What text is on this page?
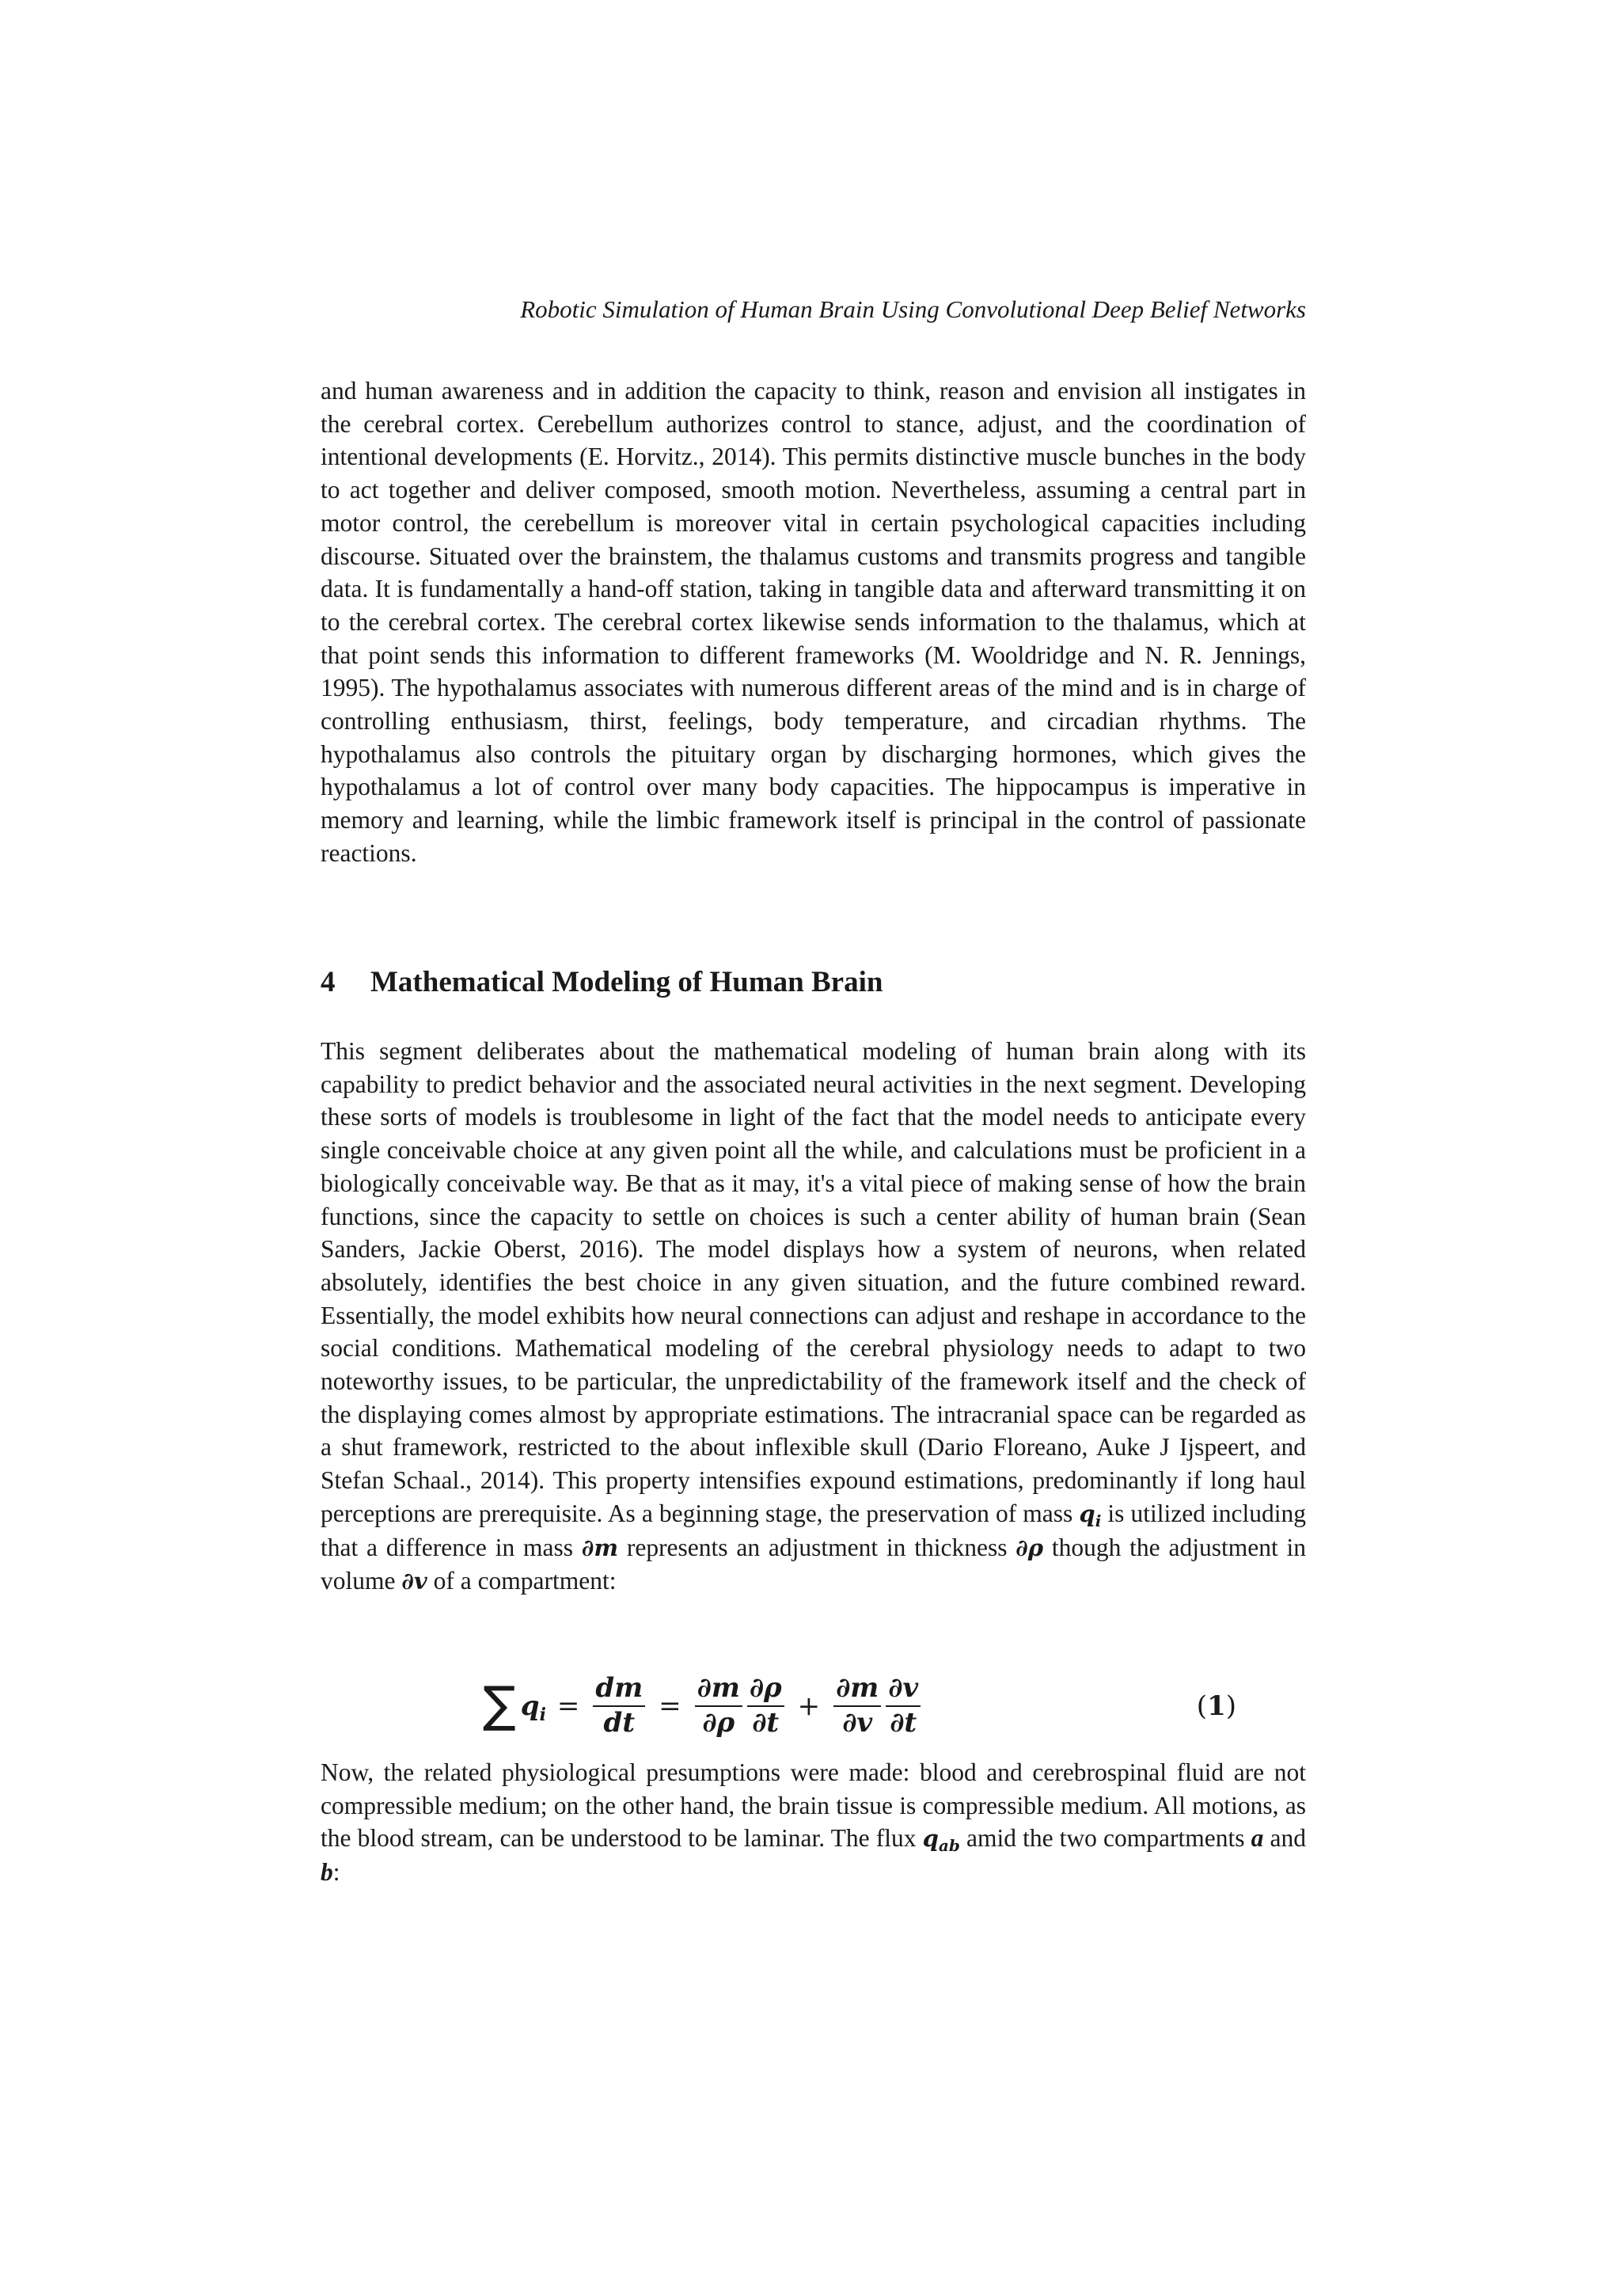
Robotic Simulation of Human Brain Using Convolutional Deep Belief Networks

and human awareness and in addition the capacity to think, reason and envision all instigates in the cerebral cortex. Cerebellum authorizes control to stance, adjust, and the coordination of intentional developments (E. Horvitz., 2014). This permits distinctive muscle bunches in the body to act together and deliver composed, smooth motion. Nevertheless, assuming a central part in motor control, the cerebellum is moreover vital in certain psychological capacities including discourse. Situated over the brainstem, the thalamus customs and transmits progress and tangible data. It is fundamentally a hand-off station, taking in tangible data and afterward transmitting it on to the cerebral cortex. The cerebral cortex likewise sends information to the thalamus, which at that point sends this information to different frameworks (M. Wooldridge and N. R. Jennings, 1995). The hypothalamus associates with numerous different areas of the mind and is in charge of controlling enthusiasm, thirst, feelings, body temperature, and circadian rhythms. The hypothalamus also controls the pituitary organ by discharging hormones, which gives the hypothalamus a lot of control over many body capacities. The hippocampus is imperative in memory and learning, while the limbic framework itself is principal in the control of passionate reactions.

4 Mathematical Modeling of Human Brain

This segment deliberates about the mathematical modeling of human brain along with its capability to predict behavior and the associated neural activities in the next segment. Developing these sorts of models is troublesome in light of the fact that the model needs to anticipate every single conceivable choice at any given point all the while, and calculations must be proficient in a biologically conceivable way. Be that as it may, it's a vital piece of making sense of how the brain functions, since the capacity to settle on choices is such a center ability of human brain (Sean Sanders, Jackie Oberst, 2016). The model displays how a system of neurons, when related absolutely, identifies the best choice in any given situation, and the future combined reward. Essentially, the model exhibits how neural connections can adjust and reshape in accordance to the social conditions. Mathematical modeling of the cerebral physiology needs to adapt to two noteworthy issues, to be particular, the unpredictability of the framework itself and the check of the displaying comes almost by appropriate estimations. The intracranial space can be regarded as a shut framework, restricted to the about inflexible skull (Dario Floreano, Auke J Ijspeert, and Stefan Schaal., 2014). This property intensifies expound estimations, predominantly if long haul perceptions are prerequisite. As a beginning stage, the preservation of mass $q_i$ is utilized including that a difference in mass ∂m represents an adjustment in thickness ∂ρ though the adjustment in volume ∂v of a compartment:

∑ $q_i = \frac{dm}{dt} = \frac{\partial m}{\partial\rho} \frac{\partial\rho}{\partial t} + \frac{\partial m}{\partial v} \frac{\partial v}{\partial t}$	( 1 )

Now, the related physiological presumptions were made: blood and cerebrospinal fluid are not compressible medium; on the other hand, the brain tissue is compressible medium. All motions, as the blood stream, can be understood to be laminar. The flux $q_{ab}$ amid the two compartments a and b:
